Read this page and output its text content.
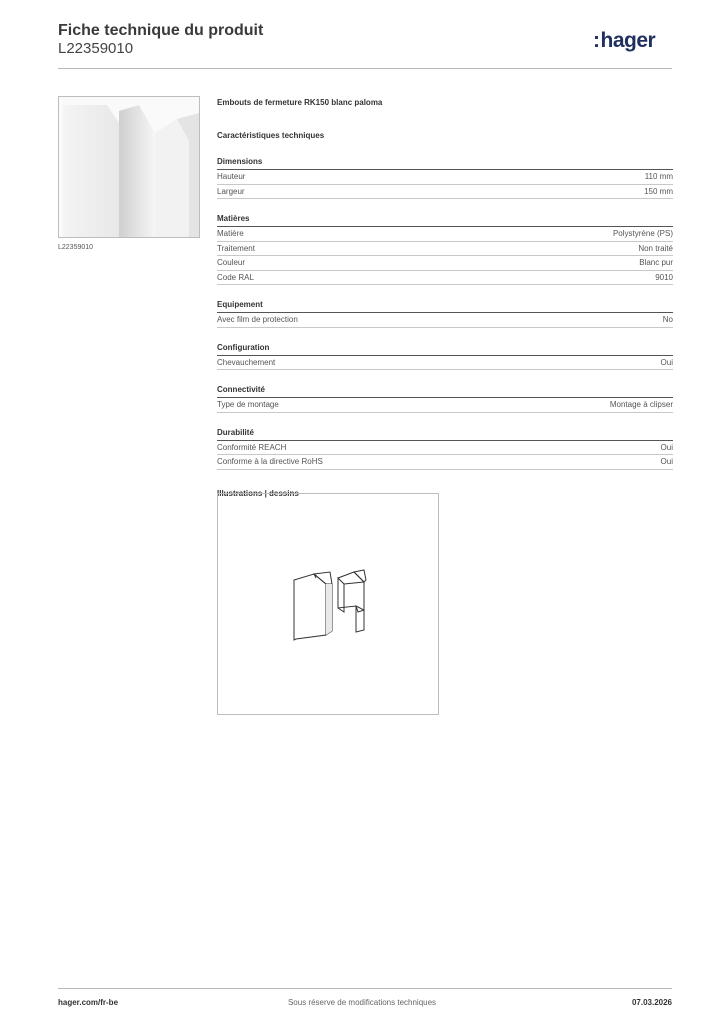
Fiche technique du produit
L22359010	:hager
L22359010
Embouts de fermeture RK150 blanc paloma
Caractéristiques techniques
Dimensions
Hauteur	110 mm
Largeur	150 mm
Matières
Matière	Polystyrène (PS)
Traitement	Non traité
Couleur	Blanc pur
Code RAL	9010
Equipement
Avec film de protection	No
Configuration
Chevauchement	Oui
Connectivité
Type de montage	Montage à clipser
Durabilité
Conformité REACH	Oui
Conforme à la directive RoHS	Oui
Illustrations | dessins
hager.com/fr-be	Sous réserve de modifications techniques	07.03.2026
